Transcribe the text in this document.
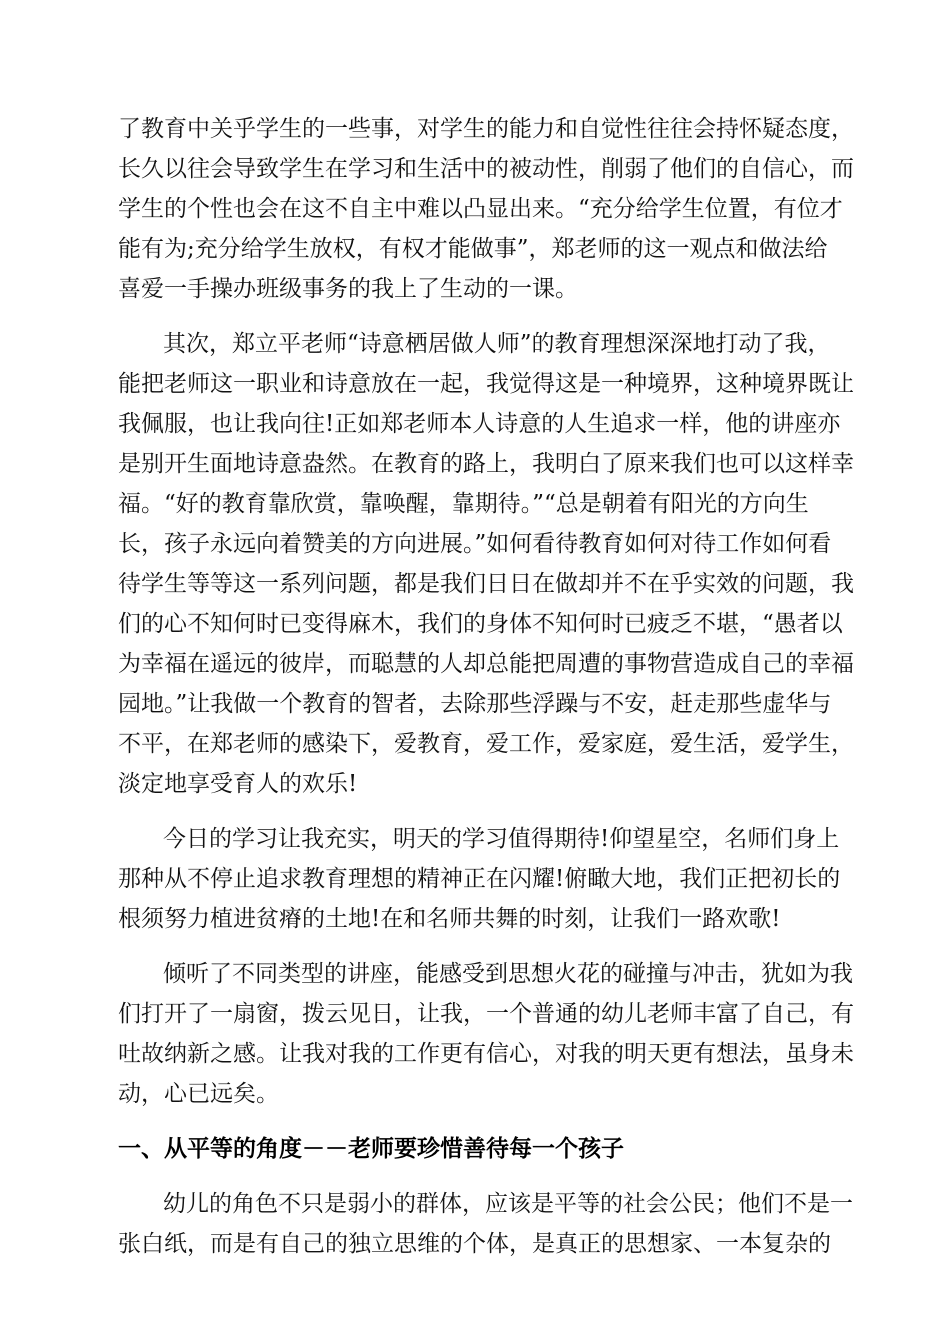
了教育中关乎学生的一些事，对学生的能力和自觉性往往会持怀疑态度，
长久以往会导致学生在学习和生活中的被动性，削弱了他们的自信心，而
学生的个性也会在这不自主中难以凸显出来。“充分给学生位置，有位才
能有为;充分给学生放权，有权才能做事”，郑老师的这一观点和做法给
喜爱一手操办班级事务的我上了生动的一课。
其次，郑立平老师“诗意栖居做人师”的教育理想深深地打动了我，
能把老师这一职业和诗意放在一起，我觉得这是一种境界，这种境界既让
我佩服，也让我向往!正如郑老师本人诗意的人生追求一样，他的讲座亦
是别开生面地诗意盎然。在教育的路上，我明白了原来我们也可以这样幸
福。“好的教育靠欣赏，靠唤醒，靠期待。”“总是朝着有阳光的方向生
长，孩子永远向着赞美的方向进展。”如何看待教育如何对待工作如何看
待学生等等这一系列问题，都是我们日日在做却并不在乎实效的问题，我
们的心不知何时已变得麻木，我们的身体不知何时已疲乏不堪，“愚者以
为幸福在遥远的彼岸，而聪慧的人却总能把周遭的事物营造成自己的幸福
园地。”让我做一个教育的智者，去除那些浮躁与不安，赶走那些虚华与
不平，在郑老师的感染下，爱教育，爱工作，爱家庭，爱生活，爱学生，
淡定地享受育人的欢乐!
今日的学习让我充实，明天的学习值得期待!仰望星空，名师们身上
那种从不停止追求教育理想的精神正在闪耀!俯瞰大地，我们正把初长的
根须努力植进贫瘠的土地!在和名师共舞的时刻，让我们一路欢歌!
倾听了不同类型的讲座，能感受到思想火花的碰撞与冲击，犹如为我
们打开了一扇窗，拨云见日，让我，一个普通的幼儿老师丰富了自己，有
吐故纳新之感。让我对我的工作更有信心，对我的明天更有想法，虽身未
动，心已远矣。
一、从平等的角度－－老师要珍惜善待每一个孩子
幼儿的角色不只是弱小的群体，应该是平等的社会公民；他们不是一
张白纸，而是有自己的独立思维的个体，是真正的思想家、一本复杂的
